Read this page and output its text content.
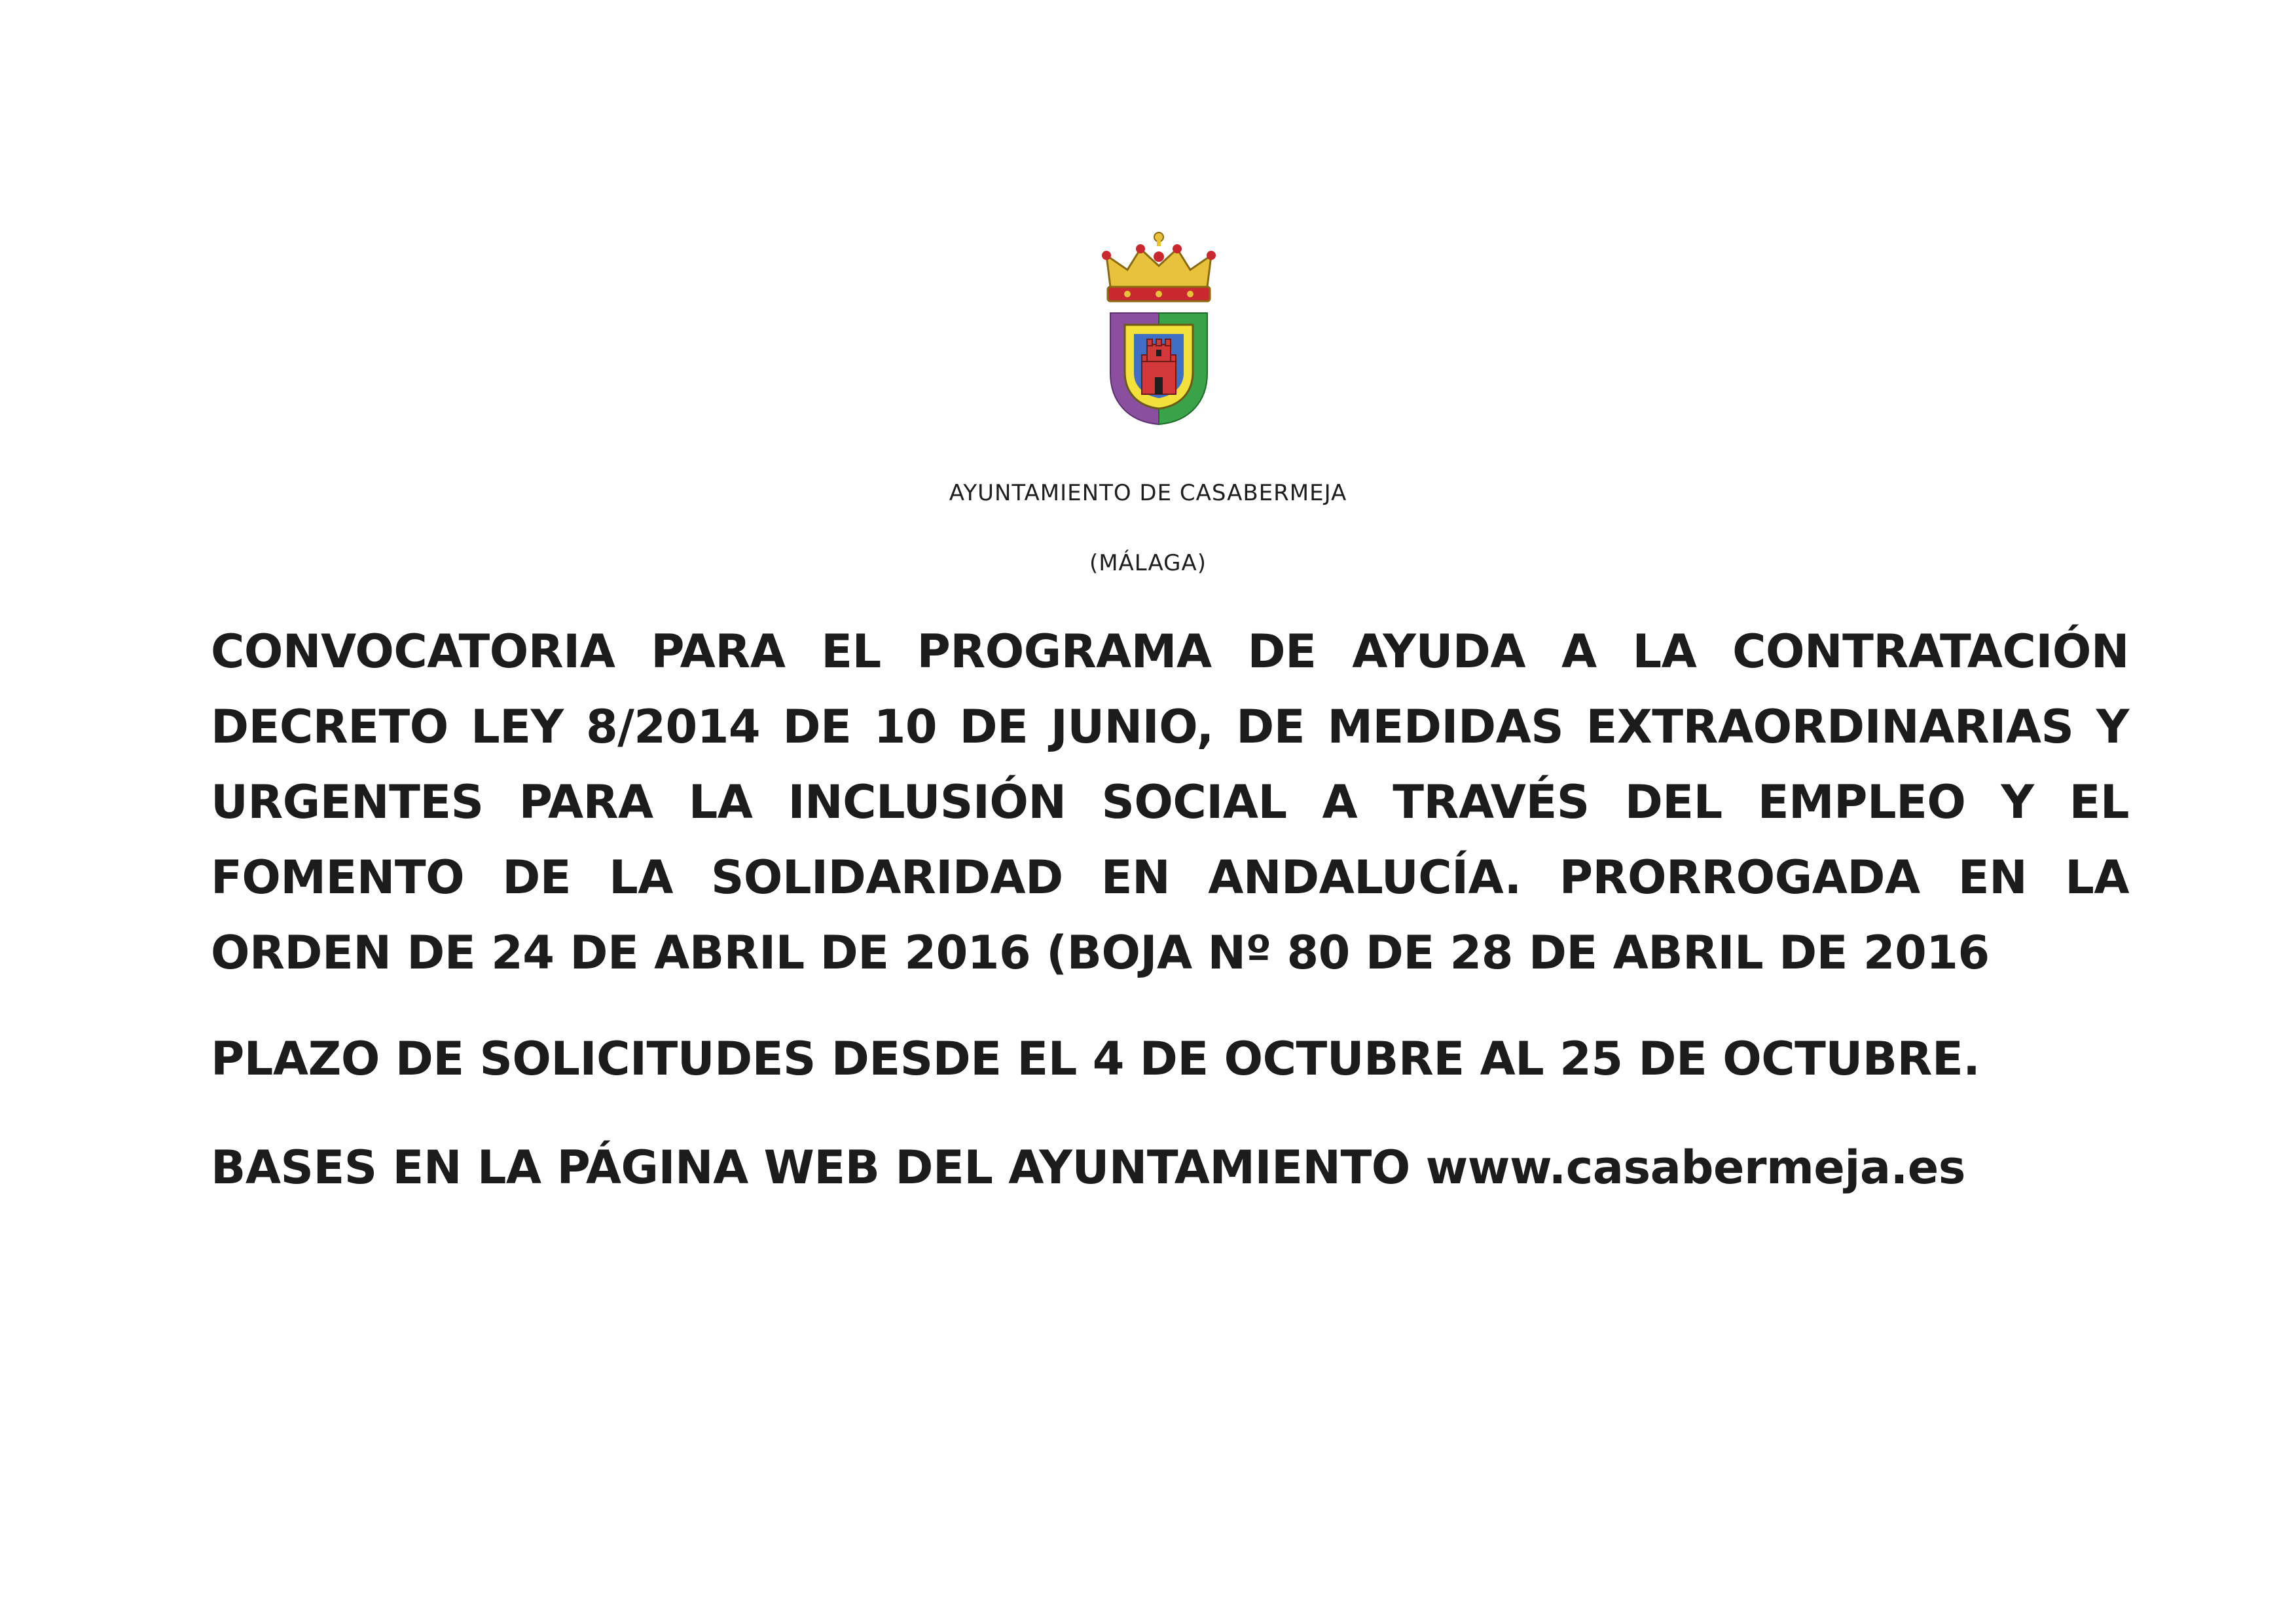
AYUNTAMIENTO DE CASABERMEJA
(MÁLAGA)

CONVOCATORIA PARA EL PROGRAMA DE AYUDA A LA CONTRATACIÓN DECRETO LEY 8/2014 DE 10 DE JUNIO, DE MEDIDAS EXTRAORDINARIAS Y URGENTES PARA LA INCLUSIÓN SOCIAL A TRAVÉS DEL EMPLEO Y EL FOMENTO DE LA SOLIDARIDAD EN ANDALUCÍA. PRORROGADA EN LA ORDEN DE 24 DE ABRIL DE 2016 (BOJA Nº 80 DE 28 DE ABRIL DE 2016

PLAZO DE SOLICITUDES DESDE EL 4 DE OCTUBRE AL 25 DE OCTUBRE.

BASES EN LA PÁGINA WEB DEL AYUNTAMIENTO www.casabermeja.es
